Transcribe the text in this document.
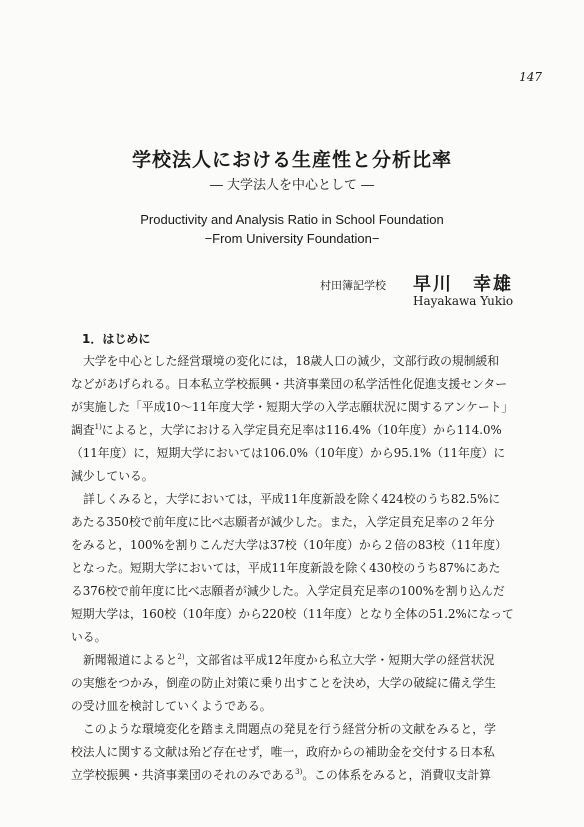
147
学校法人における生産性と分析比率
― 大学法人を中心として ―
Productivity and Analysis Ratio in School Foundation
−From University Foundation−
村田簿記学校 早川　幸雄
Hayakawa Yukio
1．はじめに
大学を中心とした経営環境の変化には，18歳人口の減少，文部行政の規制緩和
などがあげられる。日本私立学校振興・共済事業団の私学活性化促進支援センター
が実施した「平成10〜11年度大学・短期大学の入学志願状況に関するアンケート」
調査$^{1)}$によると，大学における入学定員充足率は116.4%（10年度）から114.0%
（11年度）に，短期大学においては106.0%（10年度）から95.1%（11年度）に
減少している。
詳しくみると，大学においては，平成11年度新設を除く424校のうち82.5%に
あたる350校で前年度に比べ志願者が減少した。また，入学定員充足率の２年分
をみると，100%を割りこんだ大学は37校（10年度）から２倍の83校（11年度）
となった。短期大学においては，平成11年度新設を除く430校のうち87%にあた
る376校で前年度に比べ志願者が減少した。入学定員充足率の100%を割り込んだ
短期大学は，160校（10年度）から220校（11年度）となり全体の51.2%になって
いる。
新聞報道によると$^{2)}$，文部省は平成12年度から私立大学・短期大学の経営状況
の実態をつかみ，倒産の防止対策に乗り出すことを決め，大学の破綻に備え学生
の受け皿を検討していくようである。
このような環境変化を踏まえ問題点の発見を行う経営分析の文献をみると，学
校法人に関する文献は殆ど存在せず，唯一，政府からの補助金を交付する日本私
立学校振興・共済事業団のそれのみである$^{3)}$。この体系をみると，消費収支計算
